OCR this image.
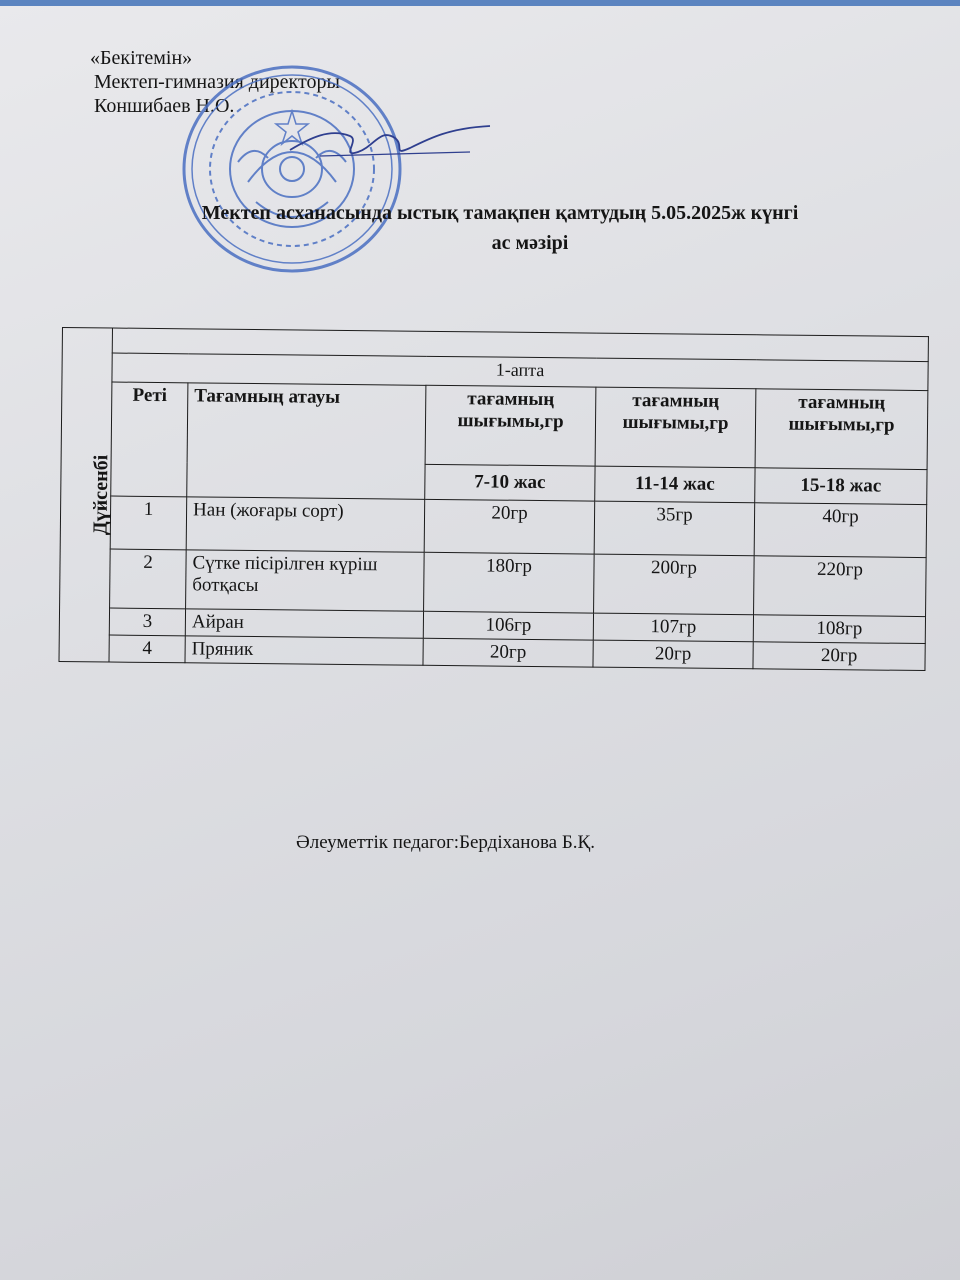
«Бекітемін»
Мектеп-гимназия директоры
Коншибаев Н.О.
Мектеп асханасында ыстық тамақпен қамтудың 5.05.2025ж күнгі
ас мәзірі
Дүйсенбі					
	1-апта				
	Реті	Тағамның атауы	тағамның шығымы,гр	тағамның шығымы,гр	тағамның шығымы,гр
			7-10 жас	11-14 жас	15-18 жас
	1	Нан (жоғары сорт)	20гр	35гр	40гр
	2	Сүтке пісірілген күріш ботқасы	180гр	200гр	220гр
	3	Айран	106гр	107гр	108гр
	4	Пряник	20гр	20гр	20гр
Әлеуметтік педагог:Бердіханова Б.Қ.
